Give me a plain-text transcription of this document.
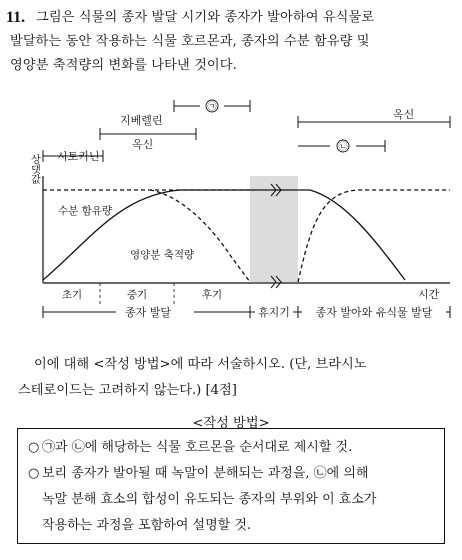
11. 그림은 식물의 종자 발달 시기와 종자가 발아하여 유식물로
발달하는 동안 작용하는 식물 호르몬과, 종자의 수분 함유량 및
영양분 축적량의 변화를 나타낸 것이다.
지베렐린
옥신
시토키닌
옥신
㉠
㉡
상댓값
시간
수분 함유량
영양분 축적량
초기	중기	후기
종자 발달	휴지기 종자 발아와 유식물 발달
이에 대해 <작성 방법>에 따라 서술하시오. (단, 브라시노
스테로이드는 고려하지 않는다.) [4점]
<작성 방법>
○ ㉠과 ㉡에 해당하는 식물 호르몬을 순서대로 제시할 것.
○ 보리 종자가 발아될 때 녹말이 분해되는 과정을, ㉡에 의해
녹말 분해 효소의 합성이 유도되는 종자의 부위와 이 효소가
작용하는 과정을 포함하여 설명할 것.
